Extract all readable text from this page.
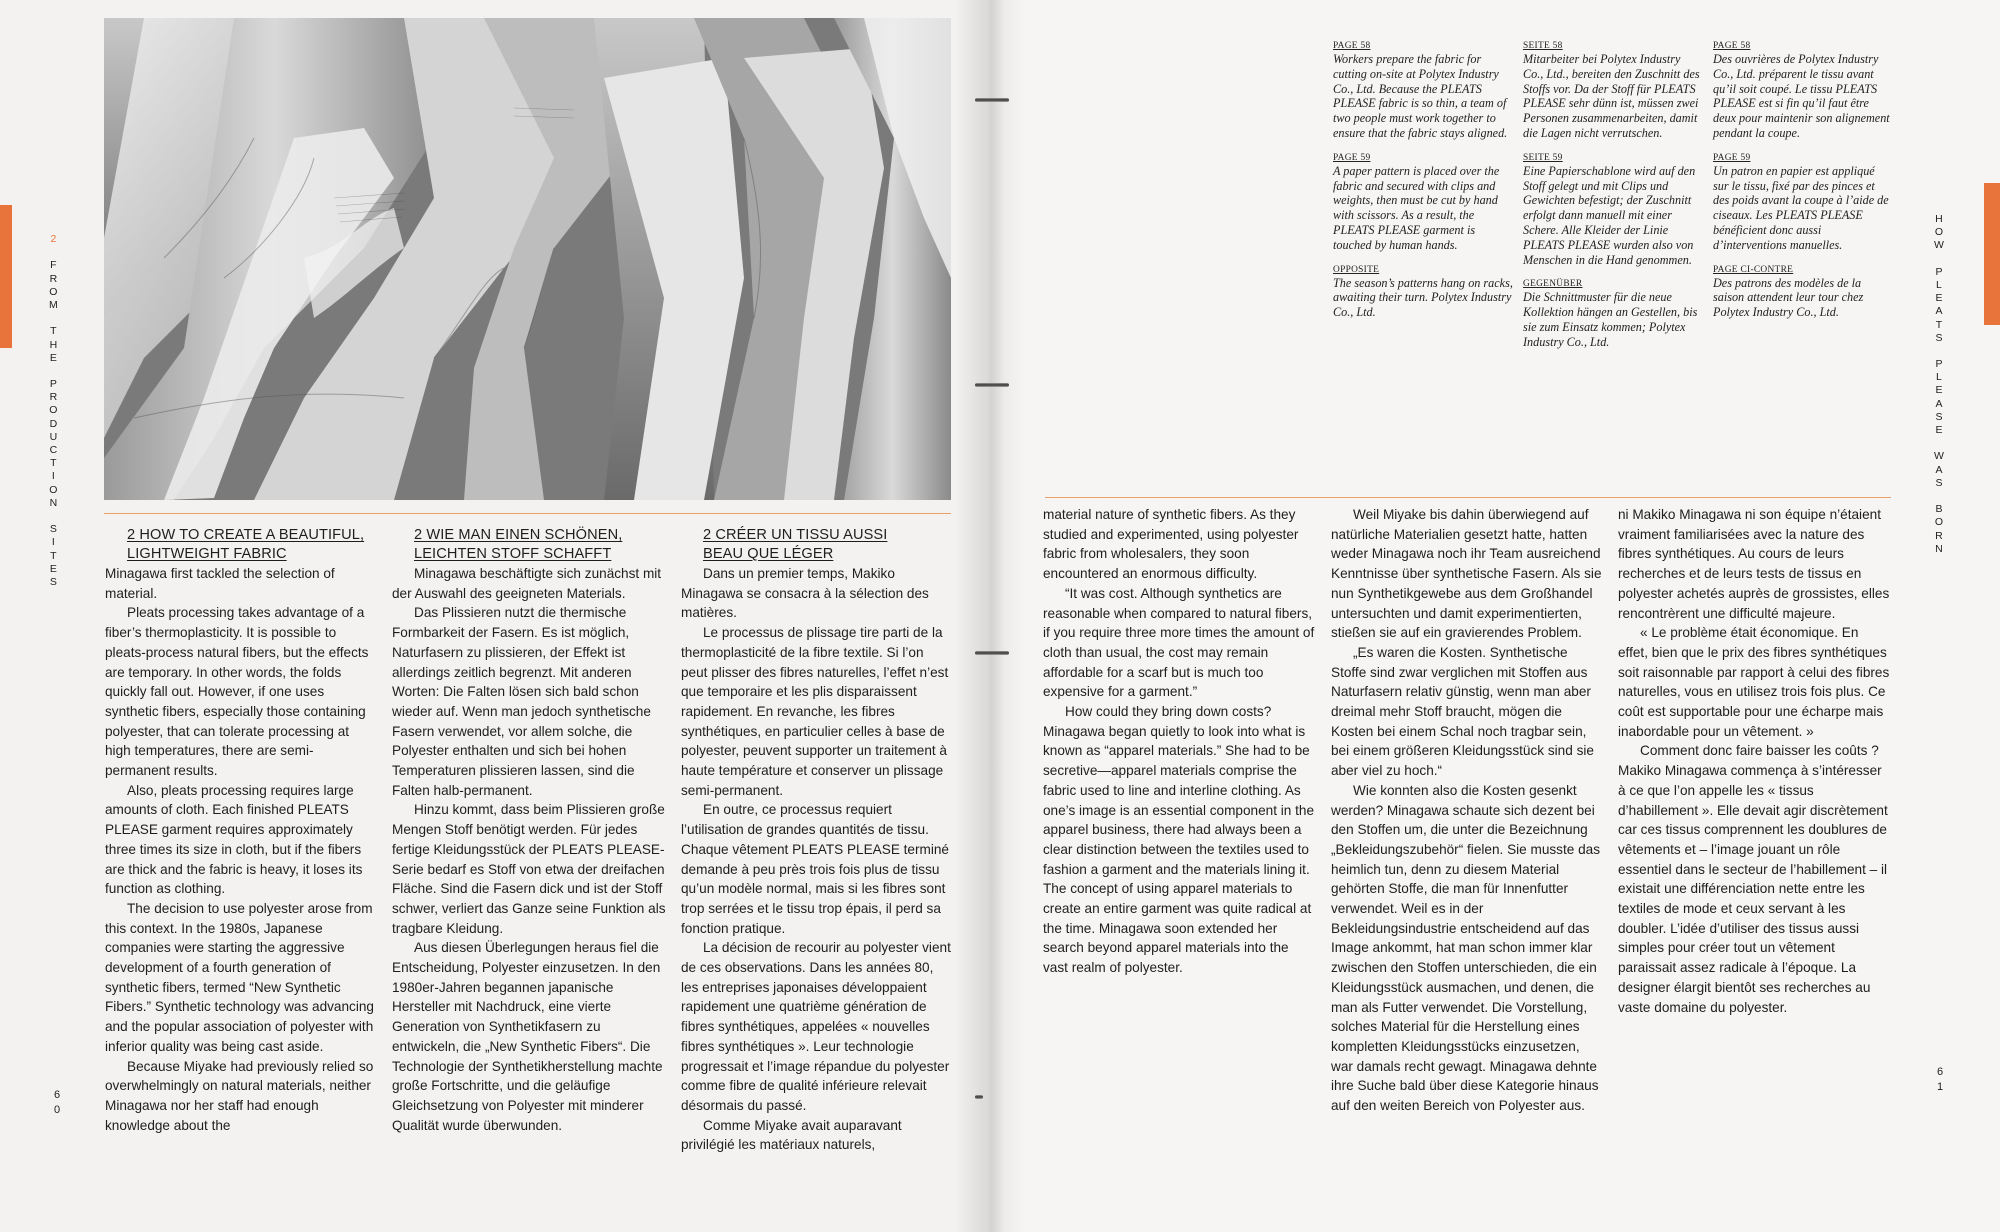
2

F
R
O
M

T
H
E

P
R
O
D
U
C
T
I
O
N

S
I
T
E
S
H
O
W

P
L
E
A
T
S

P
L
E
A
S
E

W
A
S

B
O
R
N
6
0
6
1

2 HOW TO CREATE A BEAUTIFUL,
LIGHTWEIGHT FABRIC

Minagawa first tackled the selection of material.

Pleats processing takes advantage of a fiber’s thermoplasticity. It is possible to pleats-process natural fibers, but the effects are temporary. In other words, the folds quickly fall out. However, if one uses synthetic fibers, especially those containing polyester, that can tolerate processing at high temperatures, there are semi-permanent results.

Also, pleats processing requires large amounts of cloth. Each finished PLEATS PLEASE garment requires approximately three times its size in cloth, but if the fibers are thick and the fabric is heavy, it loses its function as clothing.

The decision to use polyester arose from this context. In the 1980s, Japanese companies were starting the aggressive development of a fourth generation of synthetic fibers, termed “New Synthetic Fibers.” Synthetic technology was advancing and the popular association of polyester with inferior quality was being cast aside.

Because Miyake had previously relied so overwhelmingly on natural materials, neither Minagawa nor her staff had enough knowledge about the

2 WIE MAN EINEN SCHÖNEN,
LEICHTEN STOFF SCHAFFT

Minagawa beschäftigte sich zunächst mit der Auswahl des geeigneten Materials.

Das Plissieren nutzt die thermische Formbarkeit der Fasern. Es ist möglich, Naturfasern zu plissieren, der Effekt ist allerdings zeitlich begrenzt. Mit anderen Worten: Die Falten lösen sich bald schon wieder auf. Wenn man jedoch synthetische Fasern verwendet, vor allem solche, die Polyester enthalten und sich bei hohen Temperaturen plissieren lassen, sind die Falten halb-permanent.

Hinzu kommt, dass beim Plissieren große Mengen Stoff benötigt werden. Für jedes fertige Kleidungsstück der PLEATS PLEASE-Serie bedarf es Stoff von etwa der dreifachen Fläche. Sind die Fasern dick und ist der Stoff schwer, verliert das Ganze seine Funktion als tragbare Kleidung.

Aus diesen Überlegungen heraus fiel die Entscheidung, Polyester einzusetzen. In den 1980er-Jahren begannen japanische Hersteller mit Nachdruck, eine vierte Generation von Synthetikfasern zu entwickeln, die „New Synthetic Fibers“. Die Technologie der Synthetikherstellung machte große Fortschritte, und die geläufige Gleichsetzung von Polyester mit minderer Qualität wurde überwunden.

2 CRÉER UN TISSU AUSSI
BEAU QUE LÉGER

Dans un premier temps, Makiko Minagawa se consacra à la sélection des matières.

Le processus de plissage tire parti de la thermoplasticité de la fibre textile. Si l’on peut plisser des fibres naturelles, l’effet n’est que temporaire et les plis disparaissent rapidement. En revanche, les fibres synthétiques, en particulier celles à base de polyester, peuvent supporter un traitement à haute température et conserver un plissage semi-permanent.

En outre, ce processus requiert l’utilisation de grandes quantités de tissu. Chaque vêtement PLEATS PLEASE terminé demande à peu près trois fois plus de tissu qu’un modèle normal, mais si les fibres sont trop serrées et le tissu trop épais, il perd sa fonction pratique.

La décision de recourir au polyester vient de ces observations. Dans les années 80, les entreprises japonaises développaient rapidement une quatrième génération de fibres synthétiques, appelées « nouvelles fibres synthétiques ». Leur technologie progressait et l’image répandue du polyester comme fibre de qualité inférieure relevait désormais du passé.

Comme Miyake avait auparavant privilégié les matériaux naturels,

PAGE 58
Workers prepare the fabric for cutting on-site at Polytex Industry Co., Ltd. Because the PLEATS PLEASE fabric is so thin, a team of two people must work together to ensure that the fabric stays aligned.
PAGE 59
A paper pattern is placed over the fabric and secured with clips and weights, then must be cut by hand with scissors. As a result, the PLEATS PLEASE garment is touched by human hands.
OPPOSITE
The season’s patterns hang on racks, awaiting their turn. Polytex Industry Co., Ltd.
SEITE 58
Mitarbeiter bei Polytex Industry Co., Ltd., bereiten den Zuschnitt des Stoffs vor. Da der Stoff für PLEATS PLEASE sehr dünn ist, müssen zwei Personen zusammenarbeiten, damit die Lagen nicht verrutschen.
SEITE 59
Eine Papierschablone wird auf den Stoff gelegt und mit Clips und Gewichten befestigt; der Zuschnitt erfolgt dann manuell mit einer Schere. Alle Kleider der Linie PLEATS PLEASE wurden also von Menschen in die Hand genommen.
GEGENÜBER
Die Schnittmuster für die neue Kollektion hängen an Gestellen, bis sie zum Einsatz kommen; Polytex Industry Co., Ltd.
PAGE 58
Des ouvrières de Polytex Industry Co., Ltd. préparent le tissu avant qu’il soit coupé. Le tissu PLEATS PLEASE est si fin qu’il faut être deux pour maintenir son alignement pendant la coupe.
PAGE 59
Un patron en papier est appliqué sur le tissu, fixé par des pinces et des poids avant la coupe à l’aide de ciseaux. Les PLEATS PLEASE bénéficient donc aussi d’interventions manuelles.
PAGE CI-CONTRE
Des patrons des modèles de la saison attendent leur tour chez Polytex Industry Co., Ltd.

material nature of synthetic fibers. As they studied and experimented, using polyester fabric from wholesalers, they soon encountered an enormous difficulty.

“It was cost. Although synthetics are reasonable when compared to natural fibers, if you require three more times the amount of cloth than usual, the cost may remain affordable for a scarf but is much too expensive for a garment.”

How could they bring down costs? Minagawa began quietly to look into what is known as “apparel materials.” She had to be secretive—apparel materials comprise the fabric used to line and interline clothing. As one’s image is an essential component in the apparel business, there had always been a clear distinction between the textiles used to fashion a garment and the materials lining it. The concept of using apparel materials to create an entire garment was quite radical at the time. Minagawa soon extended her search beyond apparel materials into the vast realm of polyester.

Weil Miyake bis dahin überwiegend auf natürliche Materialien gesetzt hatte, hatten weder Minagawa noch ihr Team ausreichend Kenntnisse über synthetische Fasern. Als sie nun Synthetikgewebe aus dem Großhandel untersuchten und damit experimentierten, stießen sie auf ein gravierendes Problem.

„Es waren die Kosten. Synthetische Stoffe sind zwar verglichen mit Stoffen aus Naturfasern relativ günstig, wenn man aber dreimal mehr Stoff braucht, mögen die Kosten bei einem Schal noch tragbar sein, bei einem größeren Kleidungsstück sind sie aber viel zu hoch.“

Wie konnten also die Kosten gesenkt werden? Minagawa schaute sich dezent bei den Stoffen um, die unter die Bezeichnung „Bekleidungszubehör“ fielen. Sie musste das heimlich tun, denn zu diesem Material gehörten Stoffe, die man für Innenfutter verwendet. Weil es in der Bekleidungsindustrie entscheidend auf das Image ankommt, hat man schon immer klar zwischen den Stoffen unterschieden, die ein Kleidungsstück ausmachen, und denen, die man als Futter verwendet. Die Vorstellung, solches Material für die Herstellung eines kompletten Kleidungsstücks einzusetzen, war damals recht gewagt. Minagawa dehnte ihre Suche bald über diese Kategorie hinaus auf den weiten Bereich von Polyester aus.

ni Makiko Minagawa ni son équipe n’étaient vraiment familiarisées avec la nature des fibres synthétiques. Au cours de leurs recherches et de leurs tests de tissus en polyester achetés auprès de grossistes, elles rencontrèrent une difficulté majeure.

« Le problème était économique. En effet, bien que le prix des fibres synthétiques soit raisonnable par rapport à celui des fibres naturelles, vous en utilisez trois fois plus. Ce coût est supportable pour une écharpe mais inabordable pour un vêtement. »

Comment donc faire baisser les coûts ? Makiko Minagawa commença à s’intéresser à ce que l’on appelle les « tissus d’habillement ». Elle devait agir discrètement car ces tissus comprennent les doublures de vêtements et – l’image jouant un rôle essentiel dans le secteur de l’habillement – il existait une différenciation nette entre les textiles de mode et ceux servant à les doubler. L’idée d’utiliser des tissus aussi simples pour créer tout un vêtement paraissait assez radicale à l’époque. La designer élargit bientôt ses recherches au vaste domaine du polyester.
